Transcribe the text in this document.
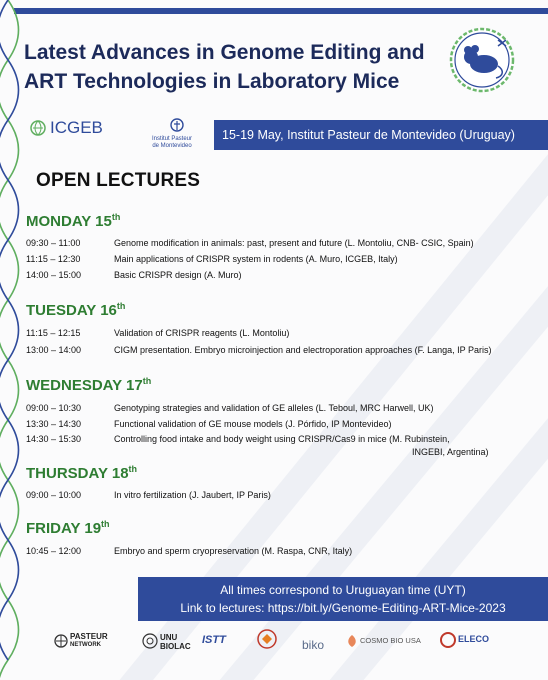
Latest Advances in Genome Editing and
ART Technologies in Laboratory Mice
ICGEB
Institut Pasteur
de Montevideo
15-19 May, Institut Pasteur de Montevideo (Uruguay)
OPEN LECTURES
MONDAY 15th
TUESDAY 16th
WEDNESDAY 17th
THURSDAY 18th
FRIDAY 19th
09:30 – 11:00	Genome modification in animals: past, present and future (L. Montoliu, CNB- CSIC, Spain)
11:15 – 12:30	Main applications of CRISPR system in rodents (A. Muro, ICGEB, Italy)
14:00 – 15:00	Basic CRISPR design (A. Muro)
11:15 – 12:15	Validation of CRISPR reagents (L. Montoliu)
13:00 – 14:00	CIGM presentation. Embryo microinjection and electroporation approaches (F. Langa, IP Paris)
09:00 – 10:30	Genotyping strategies and validation of GE alleles (L. Teboul, MRC Harwell, UK)
13:30 – 14:30	Functional validation of GE mouse models (J. Pórfido, IP Montevideo)
14:30 – 15:30	Controlling food intake and body weight using CRISPR/Cas9 in mice (M. Rubinstein,
INGEBI, Argentina)
09:00 – 10:00	In vitro fertilization (J. Jaubert, IP Paris)
10:45 – 12:00	Embryo and sperm cryopreservation (M. Raspa, CNR, Italy)
All times correspond to Uruguayan time (UYT)
Link to lectures: https://bit.ly/Genome-Editing-ART-Mice-2023
PASTEUR
NETWORK
UNU
BIOLAC
ISTT	biko	COSMO BIO USA	ELECO
